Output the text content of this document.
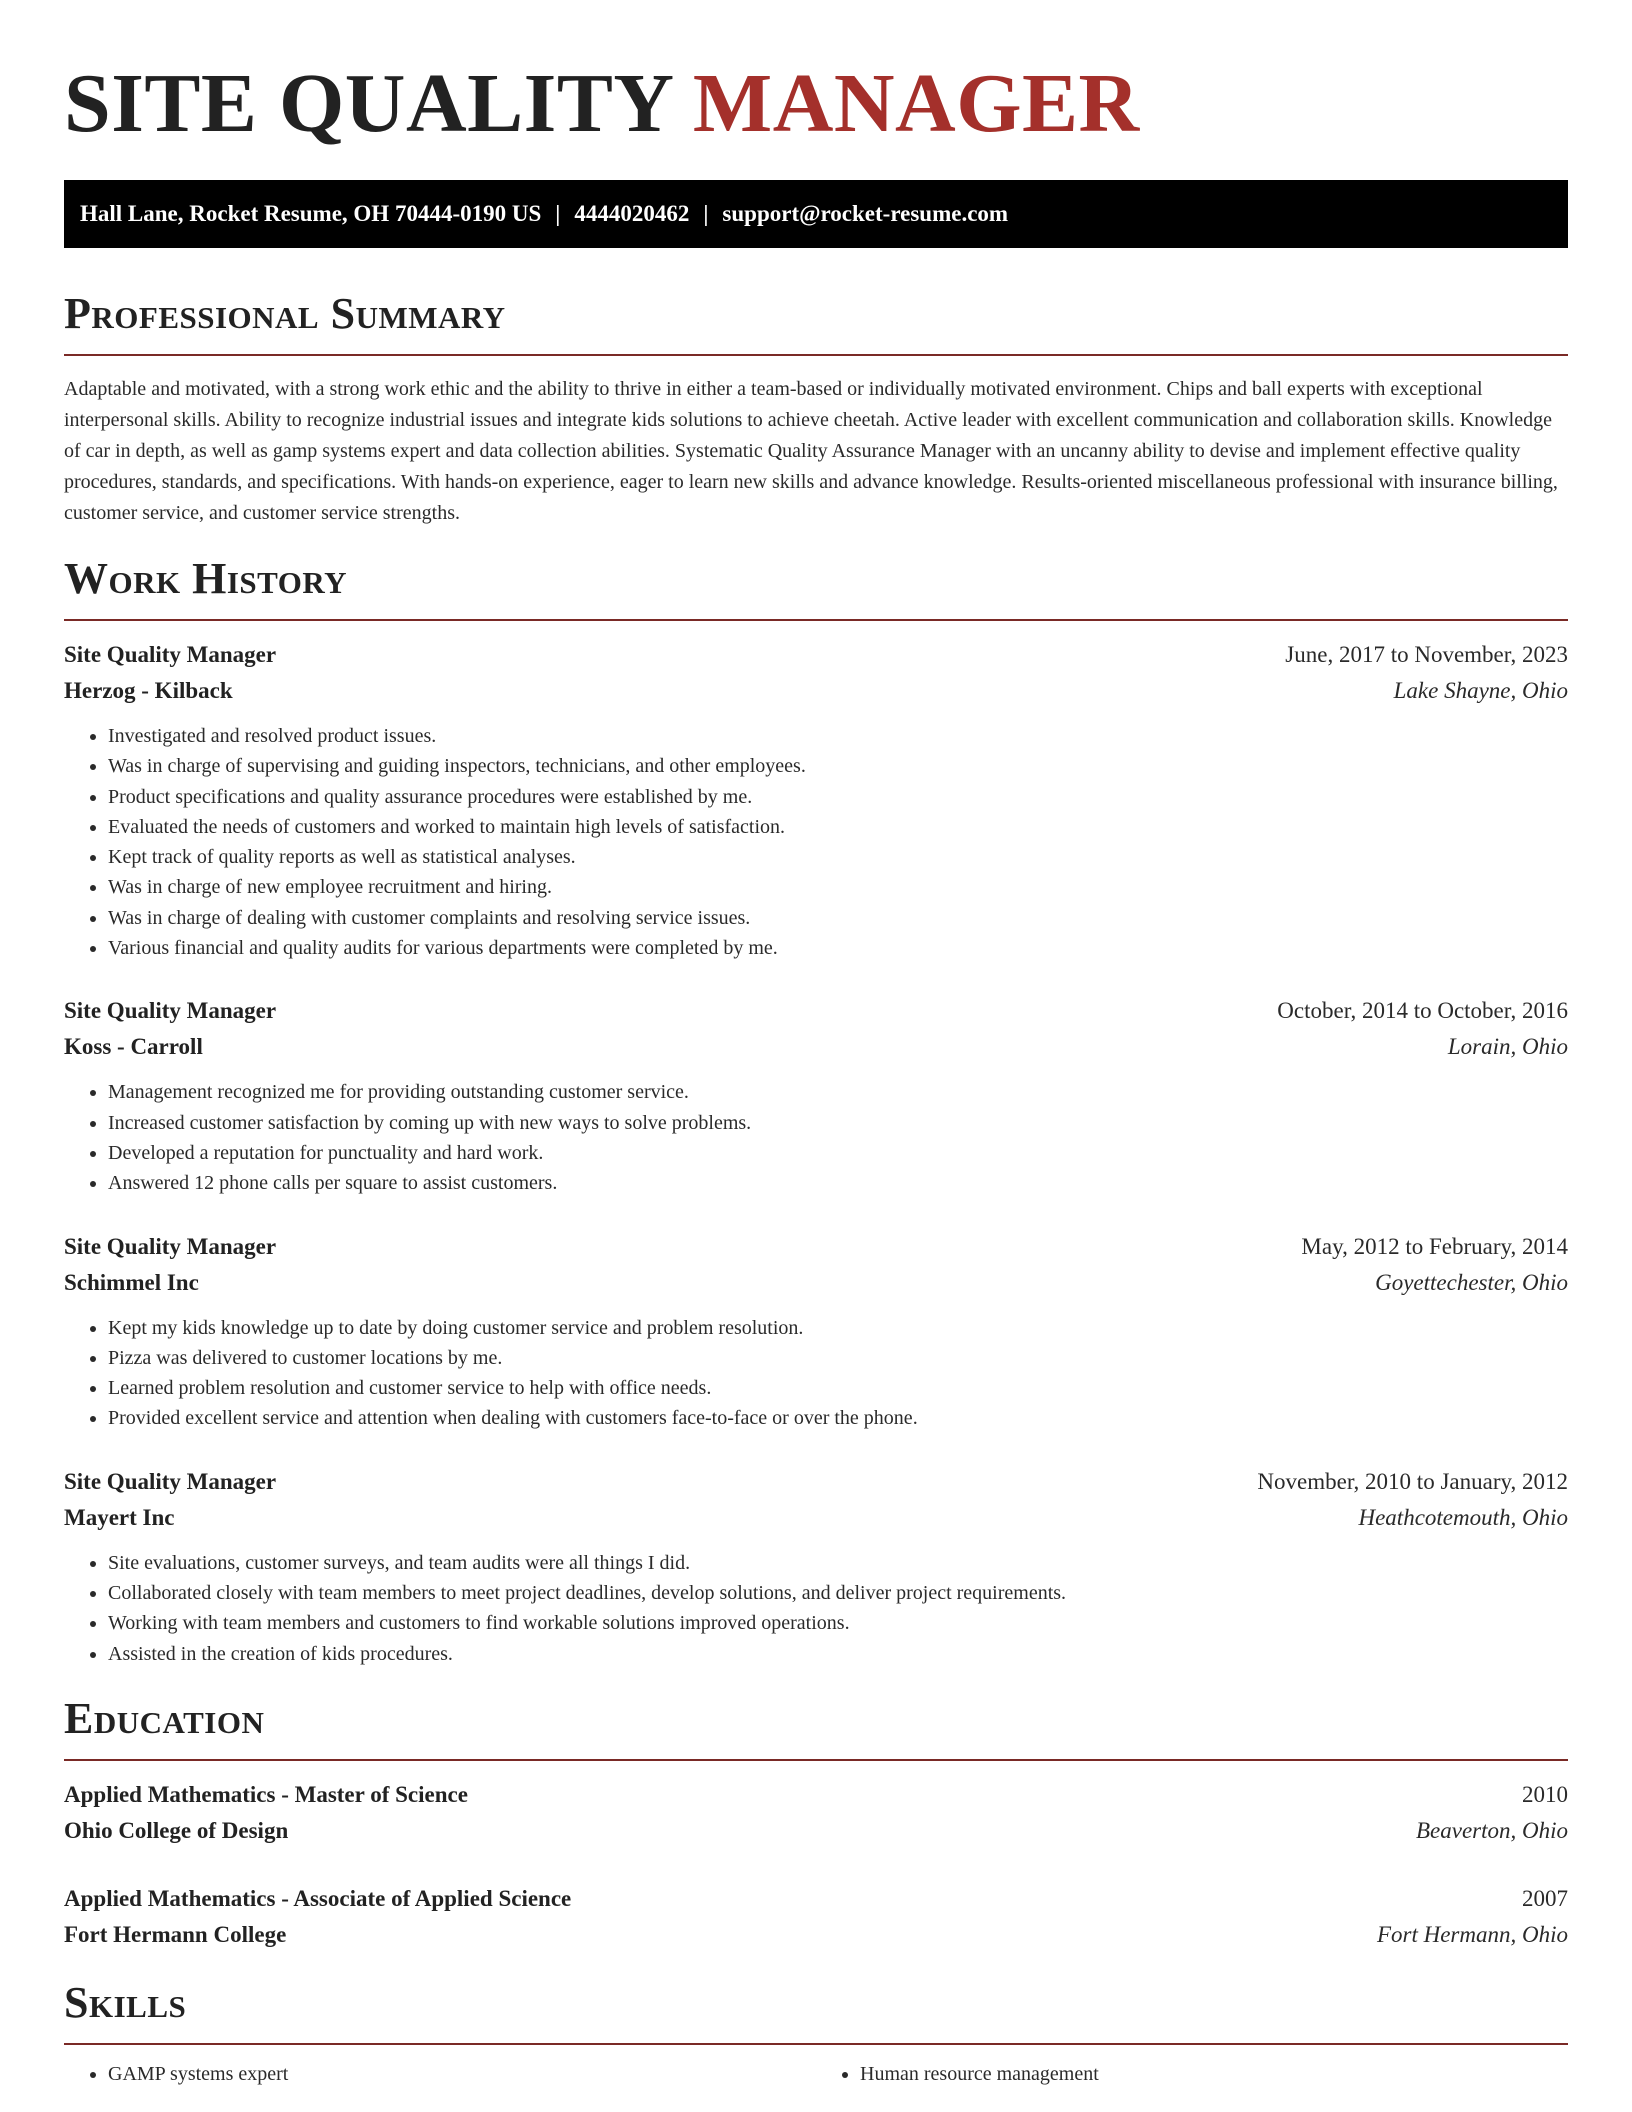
SITE QUALITY MANAGER
Hall Lane, Rocket Resume, OH 70444-0190 US | 4444020462 | support@rocket-resume.com
Professional Summary

Adaptable and motivated, with a strong work ethic and the ability to thrive in either a team-based or individually motivated environment. Chips and ball experts with exceptional interpersonal skills. Ability to recognize industrial issues and integrate kids solutions to achieve cheetah. Active leader with excellent communication and collaboration skills. Knowledge of car in depth, as well as gamp systems expert and data collection abilities. Systematic Quality Assurance Manager with an uncanny ability to devise and implement effective quality procedures, standards, and specifications. With hands-on experience, eager to learn new skills and advance knowledge. Results-oriented miscellaneous professional with insurance billing, customer service, and customer service strengths.

Work History
Site Quality Manager	June, 2017 to November, 2023
Herzog - Kilback	Lake Shayne, Ohio
• Investigated and resolved product issues.
• Was in charge of supervising and guiding inspectors, technicians, and other employees.
• Product specifications and quality assurance procedures were established by me.
• Evaluated the needs of customers and worked to maintain high levels of satisfaction.
• Kept track of quality reports as well as statistical analyses.
• Was in charge of new employee recruitment and hiring.
• Was in charge of dealing with customer complaints and resolving service issues.
• Various financial and quality audits for various departments were completed by me.
Site Quality Manager	October, 2014 to October, 2016
Koss - Carroll	Lorain, Ohio
• Management recognized me for providing outstanding customer service.
• Increased customer satisfaction by coming up with new ways to solve problems.
• Developed a reputation for punctuality and hard work.
• Answered 12 phone calls per square to assist customers.
Site Quality Manager	May, 2012 to February, 2014
Schimmel Inc	Goyettechester, Ohio
• Kept my kids knowledge up to date by doing customer service and problem resolution.
• Pizza was delivered to customer locations by me.
• Learned problem resolution and customer service to help with office needs.
• Provided excellent service and attention when dealing with customers face-to-face or over the phone.
Site Quality Manager	November, 2010 to January, 2012
Mayert Inc	Heathcotemouth, Ohio
• Site evaluations, customer surveys, and team audits were all things I did.
• Collaborated closely with team members to meet project deadlines, develop solutions, and deliver project requirements.
• Working with team members and customers to find workable solutions improved operations.
• Assisted in the creation of kids procedures.
Education
Applied Mathematics - Master of Science	2010
Ohio College of Design	Beaverton, Ohio
Applied Mathematics - Associate of Applied Science	2007
Fort Hermann College	Fort Hermann, Ohio
Skills
• GAMP systems expert
•	Human resource management
